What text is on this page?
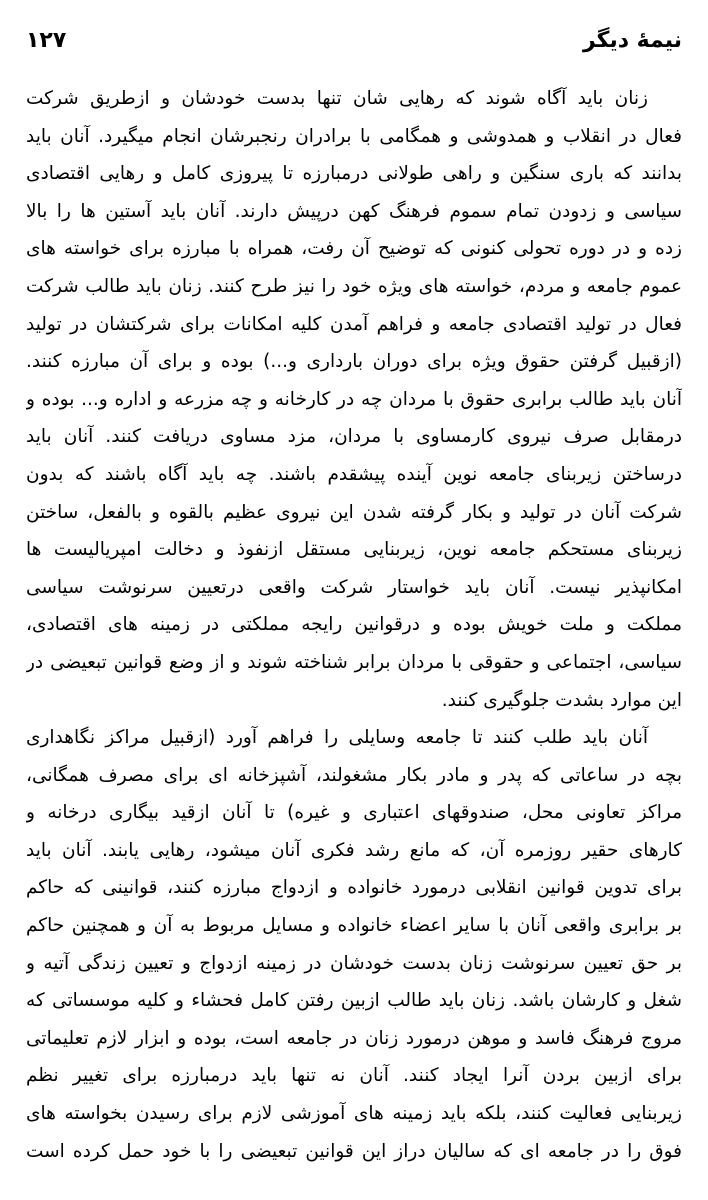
نیمهٔ دیگر
۱۲۷
زنان باید آگاه شوند که رهایی شان تنها بدست خودشان و ازطریق شرکت
فعال در انقلاب و همدوشی و همگامی با برادران رنجبرشان انجام میگیرد. آنان باید
بدانند که باری سنگین و راهی طولانی درمبارزه تا پیروزی کامل و رهایی اقتصادی
سیاسی و زدودن تمام سموم فرهنگ کهن درپیش دارند. آنان باید آستین ها را بالا
زده و در دوره تحولی کنونی که توضیح آن رفت، همراه با مبارزه برای خواسته های
عموم جامعه و مردم، خواسته های ویژه خود را نیز طرح کنند. زنان باید طالب شرکت
فعال در تولید اقتصادی جامعه و فراهم آمدن کلیه امکانات برای شرکتشان در تولید
(ازقبیل گرفتن حقوق ویژه برای دوران بارداری و...) بوده و برای آن مبارزه کنند.
آنان باید طالب برابری حقوق با مردان چه در کارخانه و چه مزرعه و اداره و... بوده و
درمقابل صرف نیروی کارمساوی با مردان، مزد مساوی دریافت کنند. آنان باید
درساختن زیربنای جامعه نوین آینده پیشقدم باشند. چه باید آگاه باشند که بدون
شرکت آنان در تولید و بکار گرفته شدن این نیروی عظیم بالقوه و بالفعل، ساختن
زیربنای مستحکم جامعه نوین، زیربنایی مستقل ازنفوذ و دخالت امپریالیست ها
امکانپذیر نیست. آنان باید خواستار شرکت واقعی درتعیین سرنوشت سیاسی
مملکت و ملت خویش بوده و درقوانین رایجه مملکتی در زمینه های اقتصادی،
سیاسی، اجتماعی و حقوقی با مردان برابر شناخته شوند و از وضع قوانین تبعیضی در
این موارد بشدت جلوگیری کنند.
آنان باید طلب کنند تا جامعه وسایلی را فراهم آورد (ازقبیل مراکز نگاهداری
بچه در ساعاتی که پدر و مادر بکار مشغولند، آشپزخانه ای برای مصرف همگانی،
مراکز تعاونی محل، صندوقهای اعتباری و غیره) تا آنان ازقید بیگاری درخانه و
کارهای حقیر روزمره آن، که مانع رشد فکری آنان میشود، رهایی یابند. آنان باید
برای تدوین قوانین انقلابی درمورد خانواده و ازدواج مبارزه کنند، قوانینی که حاکم
بر برابری واقعی آنان با سایر اعضاء خانواده و مسایل مربوط به آن و همچنین حاکم
بر حق تعیین سرنوشت زنان بدست خودشان در زمینه ازدواج و تعیین زندگی آتیه و
شغل و کارشان باشد. زنان باید طالب ازبین رفتن کامل فحشاء و کلیه موسساتی که
مروج فرهنگ فاسد و موهن درمورد زنان در جامعه است، بوده و ابزار لازم تعلیماتی
برای ازبین بردن آنرا ایجاد کنند. آنان نه تنها باید درمبارزه برای تغییر نظم
زیربنایی فعالیت کنند، بلکه باید زمینه های آموزشی لازم برای رسیدن بخواسته های
فوق را در جامعه ای که سالیان دراز این قوانین تبعیضی را با خود حمل کرده است
